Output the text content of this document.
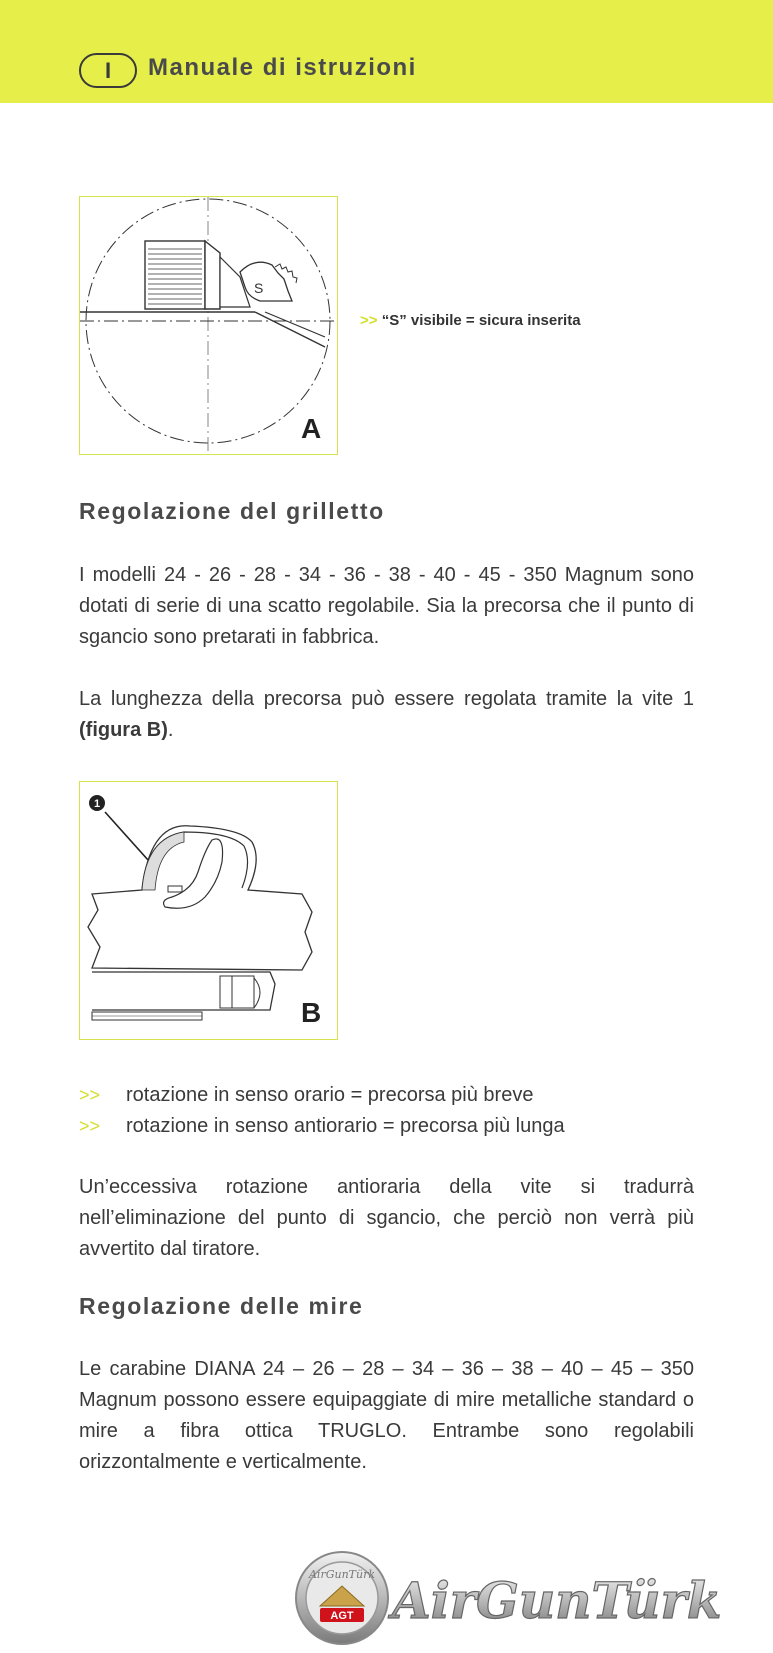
I	Manuale di istruzioni
S
A
>> “S” visibile = sicura inserita
Regolazione del grilletto

I modelli 24 - 26 - 28 - 34 - 36 - 38 - 40 - 45 - 350 Magnum sono dotati di serie di una scatto regolabile. Sia la precorsa che il punto di sgancio sono pretarati in fabbrica.

La lunghezza della precorsa può essere regolata tramite la vite 1 (figura B).

1
B
>>	rotazione in senso orario = precorsa più breve
>>	rotazione in senso antiorario = precorsa più lunga

Un’eccessiva rotazione antioraria della vite si tradurrà nell’eliminazione del punto di sgancio, che perciò non verrà più avvertito dal tiratore.

Regolazione delle mire

Le carabine DIANA 24 – 26 – 28 – 34 – 36 – 38 – 40 – 45 – 350 Magnum possono essere equipaggiate di mire metalliche standard o mire a fibra ottica TRUGLO. Entrambe sono regolabili orizzontalmente e verticalmente.

AirGunTürk
AGT AirGunTürk
